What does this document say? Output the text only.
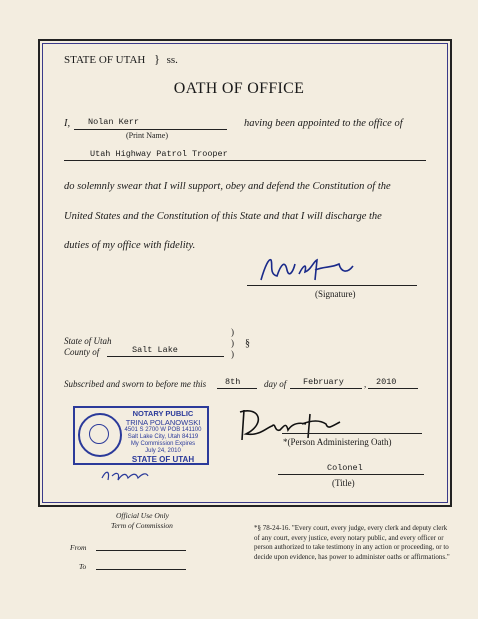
STATE OF UTAH } ss.
OATH OF OFFICE
I, Nolan Kerr
(Print Name)
having been appointed to the office of
Utah Highway Patrol Trooper
do solemnly swear that I will support, obey and defend the Constitution of the
United States and the Constitution of this State and that I will discharge the
duties of my office with fidelity.
(Signature)
State of Utah
County of	Salt Lake
)
)
)
§
Subscribed and sworn to before me this 8th	day of February , 2010
NOTARY PUBLIC
TRINA POLANOWSKI
4501 S 2700 W POB 141100
Salt Lake City, Utah 84119
My Commission Expires
July 24, 2010
STATE OF UTAH
*(Person Administering Oath)
Colonel
(Title)
Official Use Only
Term of Commission
From
To
*§ 78-24-16. "Every court, every judge, every clerk and deputy clerk of any court, every justice, every notary public, and every officer or person authorized to take testimony in any action or proceeding, or to decide upon evidence, has power to administer oaths or affirmations."
